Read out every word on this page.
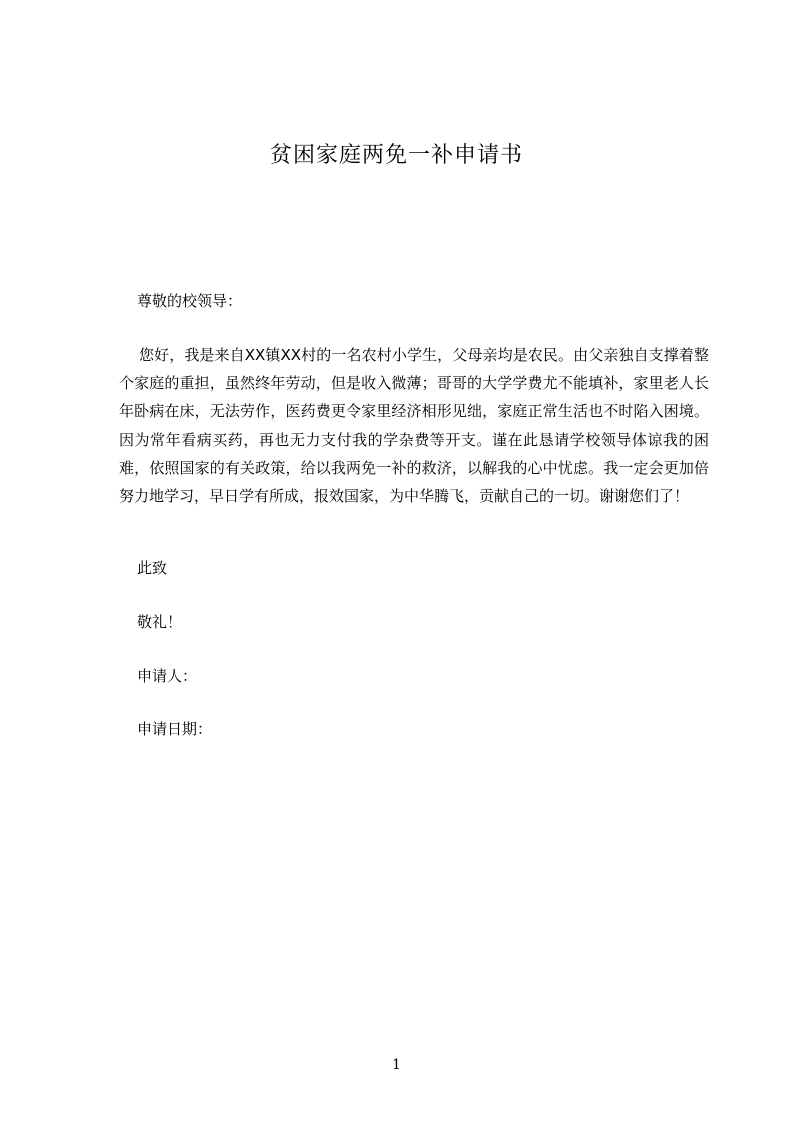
贫困家庭两免一补申请书
尊敬的校领导：

您好，我是来自XX镇XX村的一名农村小学生，父母亲均是农民。由父亲独自支撑着整个家庭的重担，虽然终年劳动，但是收入微薄；哥哥的大学学费尤不能填补，家里老人长年卧病在床，无法劳作，医药费更令家里经济相形见绌，家庭正常生活也不时陷入困境。因为常年看病买药，再也无力支付我的学杂费等开支。谨在此恳请学校领导体谅我的困难，依照国家的有关政策，给以我两免一补的救济，以解我的心中忧虑。我一定会更加倍努力地学习，早日学有所成，报效国家，为中华腾飞，贡献自己的一切。谢谢您们了！

此致
敬礼！
申请人：
申请日期：
1
